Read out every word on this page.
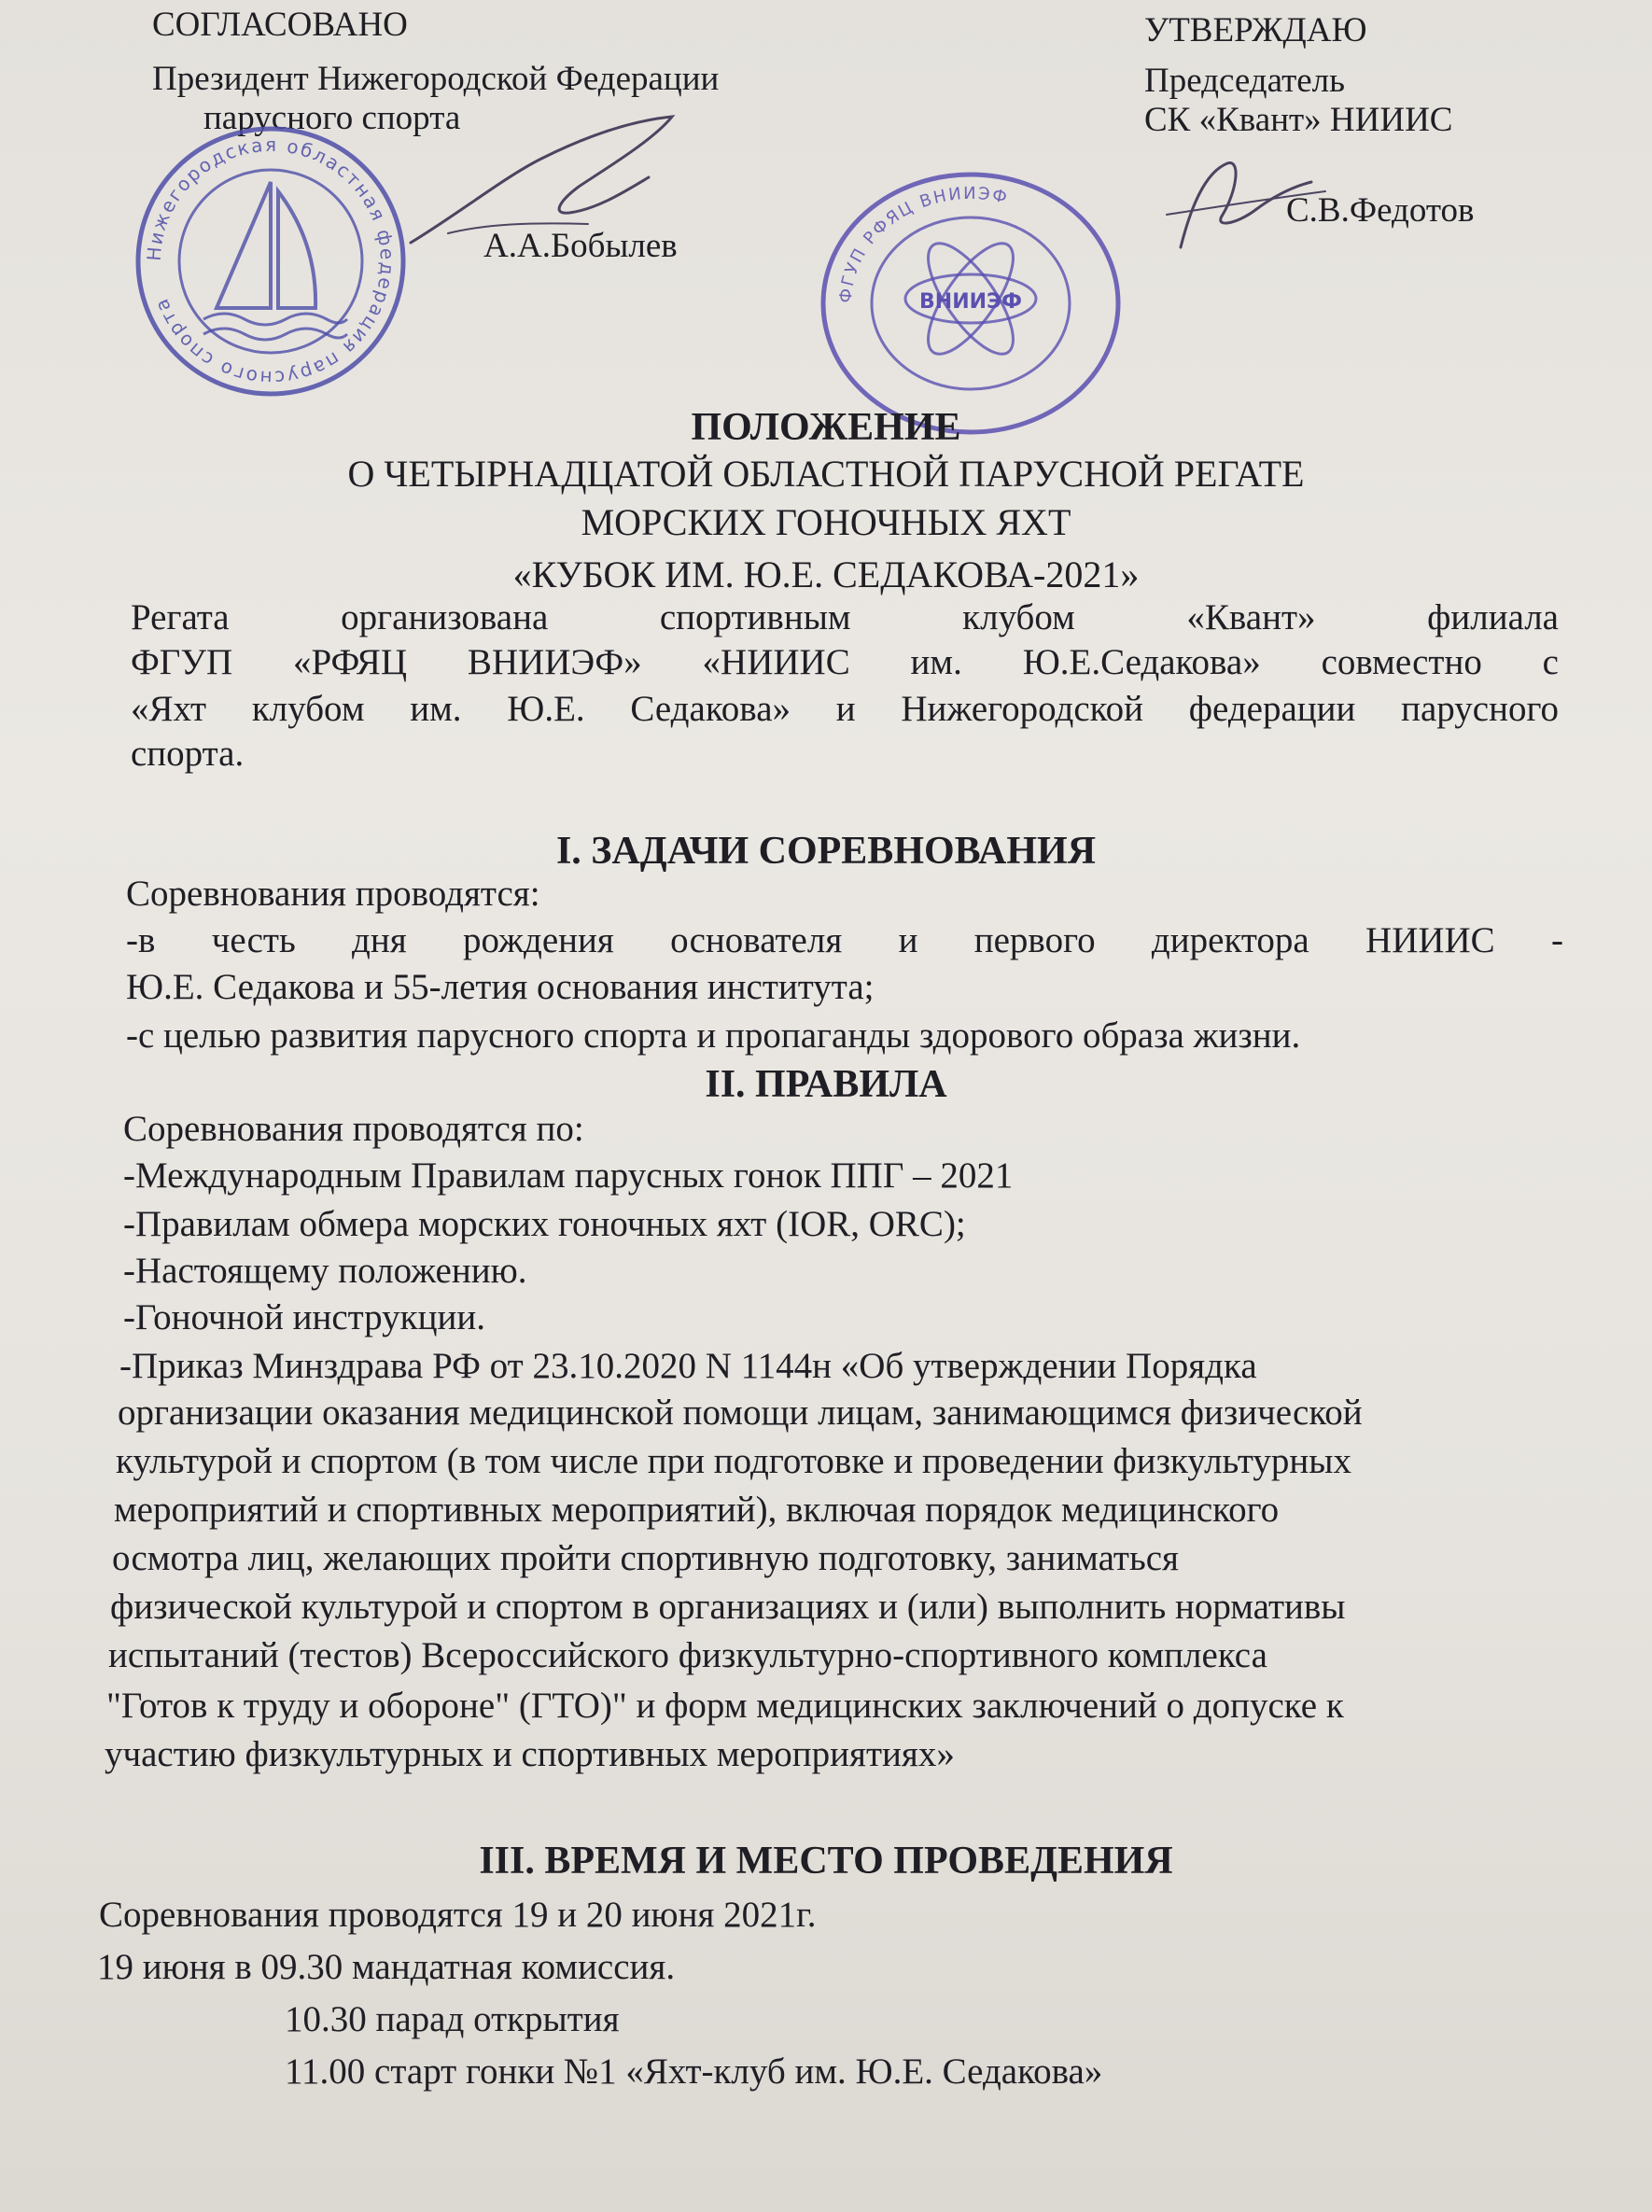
СОГЛАСОВАНО
Президент Нижегородской Федерации
парусного спорта
А.А.Бобылев
УТВЕРЖДАЮ
Председатель
СК «Квант» НИИИС
С.В.Федотов
Нижегородская областная федерация парусного спорта	ФГУП РФЯЦ ВНИИЭФ
ВНИИЭФ
ПОЛОЖЕНИЕ
О ЧЕТЫРНАДЦАТОЙ ОБЛАСТНОЙ ПАРУСНОЙ РЕГАТЕ
МОРСКИХ ГОНОЧНЫХ ЯХТ
«КУБОК ИМ. Ю.Е. СЕДАКОВА-2021»
Регата организована спортивным клубом «Квант» филиала
ФГУП «РФЯЦ ВНИИЭФ» «НИИИС им. Ю.Е.Седакова» совместно с
«Яхт клубом им. Ю.Е. Седакова» и Нижегородской федерации парусного
спорта.
I. ЗАДАЧИ СОРЕВНОВАНИЯ
Соревнования проводятся:
-в честь дня рождения основателя и первого директора НИИИС -
Ю.Е. Седакова и 55-летия основания института;
-с целью развития парусного спорта и пропаганды здорового образа жизни.
II. ПРАВИЛА
Соревнования проводятся по:
-Международным Правилам парусных гонок ППГ – 2021
-Правилам обмера морских гоночных яхт (IOR, ORC);
-Настоящему положению.
-Гоночной инструкции.
-Приказ Минздрава РФ от 23.10.2020 N 1144н «Об утверждении Порядка
организации оказания медицинской помощи лицам, занимающимся физической
культурой и спортом (в том числе при подготовке и проведении физкультурных
мероприятий и спортивных мероприятий), включая порядок медицинского
осмотра лиц, желающих пройти спортивную подготовку, заниматься
физической культурой и спортом в организациях и (или) выполнить нормативы
испытаний (тестов) Всероссийского физкультурно-спортивного комплекса
"Готов к труду и обороне" (ГТО)" и форм медицинских заключений о допуске к
участию физкультурных и спортивных мероприятиях»
III. ВРЕМЯ И МЕСТО ПРОВЕДЕНИЯ
Соревнования проводятся 19 и 20 июня 2021г.
19 июня в 09.30 мандатная комиссия.
10.30 парад открытия
11.00 старт гонки №1 «Яхт-клуб им. Ю.Е. Седакова»
